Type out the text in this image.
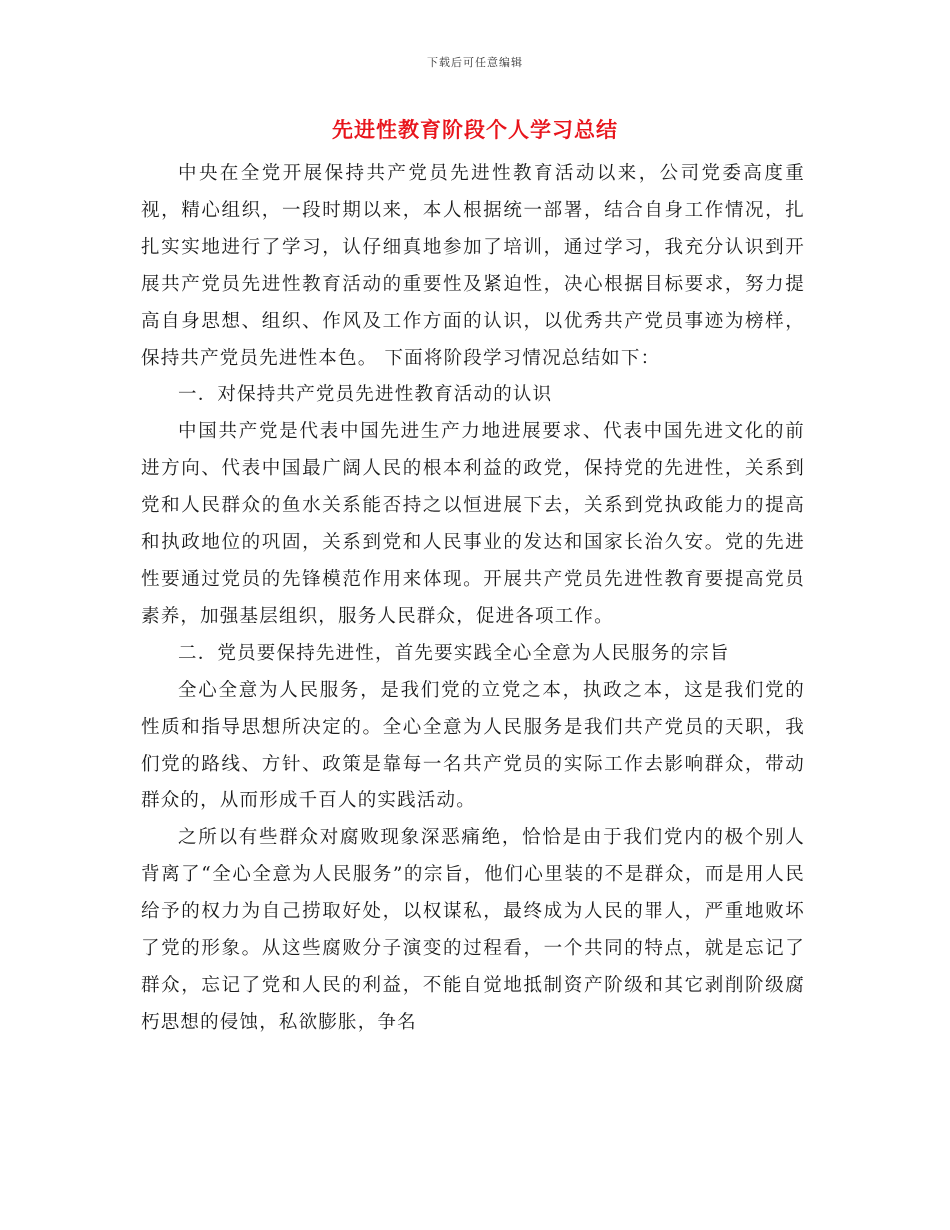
下载后可任意编辑
先进性教育阶段个人学习总结

中央在全党开展保持共产党员先进性教育活动以来，公司党委高度重视，精心组织，一段时期以来，本人根据统一部署，结合自身工作情况，扎扎实实地进行了学习，认仔细真地参加了培训，通过学习，我充分认识到开展共产党员先进性教育活动的重要性及紧迫性，决心根据目标要求，努力提高自身思想、组织、作风及工作方面的认识，以优秀共产党员事迹为榜样，保持共产党员先进性本色。 下面将阶段学习情况总结如下：

一．对保持共产党员先进性教育活动的认识

中国共产党是代表中国先进生产力地进展要求、代表中国先进文化的前进方向、代表中国最广阔人民的根本利益的政党，保持党的先进性，关系到党和人民群众的鱼水关系能否持之以恒进展下去，关系到党执政能力的提高和执政地位的巩固，关系到党和人民事业的发达和国家长治久安。党的先进性要通过党员的先锋模范作用来体现。开展共产党员先进性教育要提高党员素养，加强基层组织，服务人民群众，促进各项工作。

二．党员要保持先进性，首先要实践全心全意为人民服务的宗旨

全心全意为人民服务，是我们党的立党之本，执政之本，这是我们党的性质和指导思想所决定的。全心全意为人民服务是我们共产党员的天职，我们党的路线、方针、政策是靠每一名共产党员的实际工作去影响群众，带动群众的，从而形成千百人的实践活动。

之所以有些群众对腐败现象深恶痛绝，恰恰是由于我们党内的极个别人背离了“全心全意为人民服务”的宗旨，他们心里装的不是群众，而是用人民给予的权力为自己捞取好处，以权谋私，最终成为人民的罪人，严重地败坏了党的形象。从这些腐败分子演变的过程看，一个共同的特点，就是忘记了群众，忘记了党和人民的利益，不能自觉地抵制资产阶级和其它剥削阶级腐朽思想的侵蚀，私欲膨胀，争名
